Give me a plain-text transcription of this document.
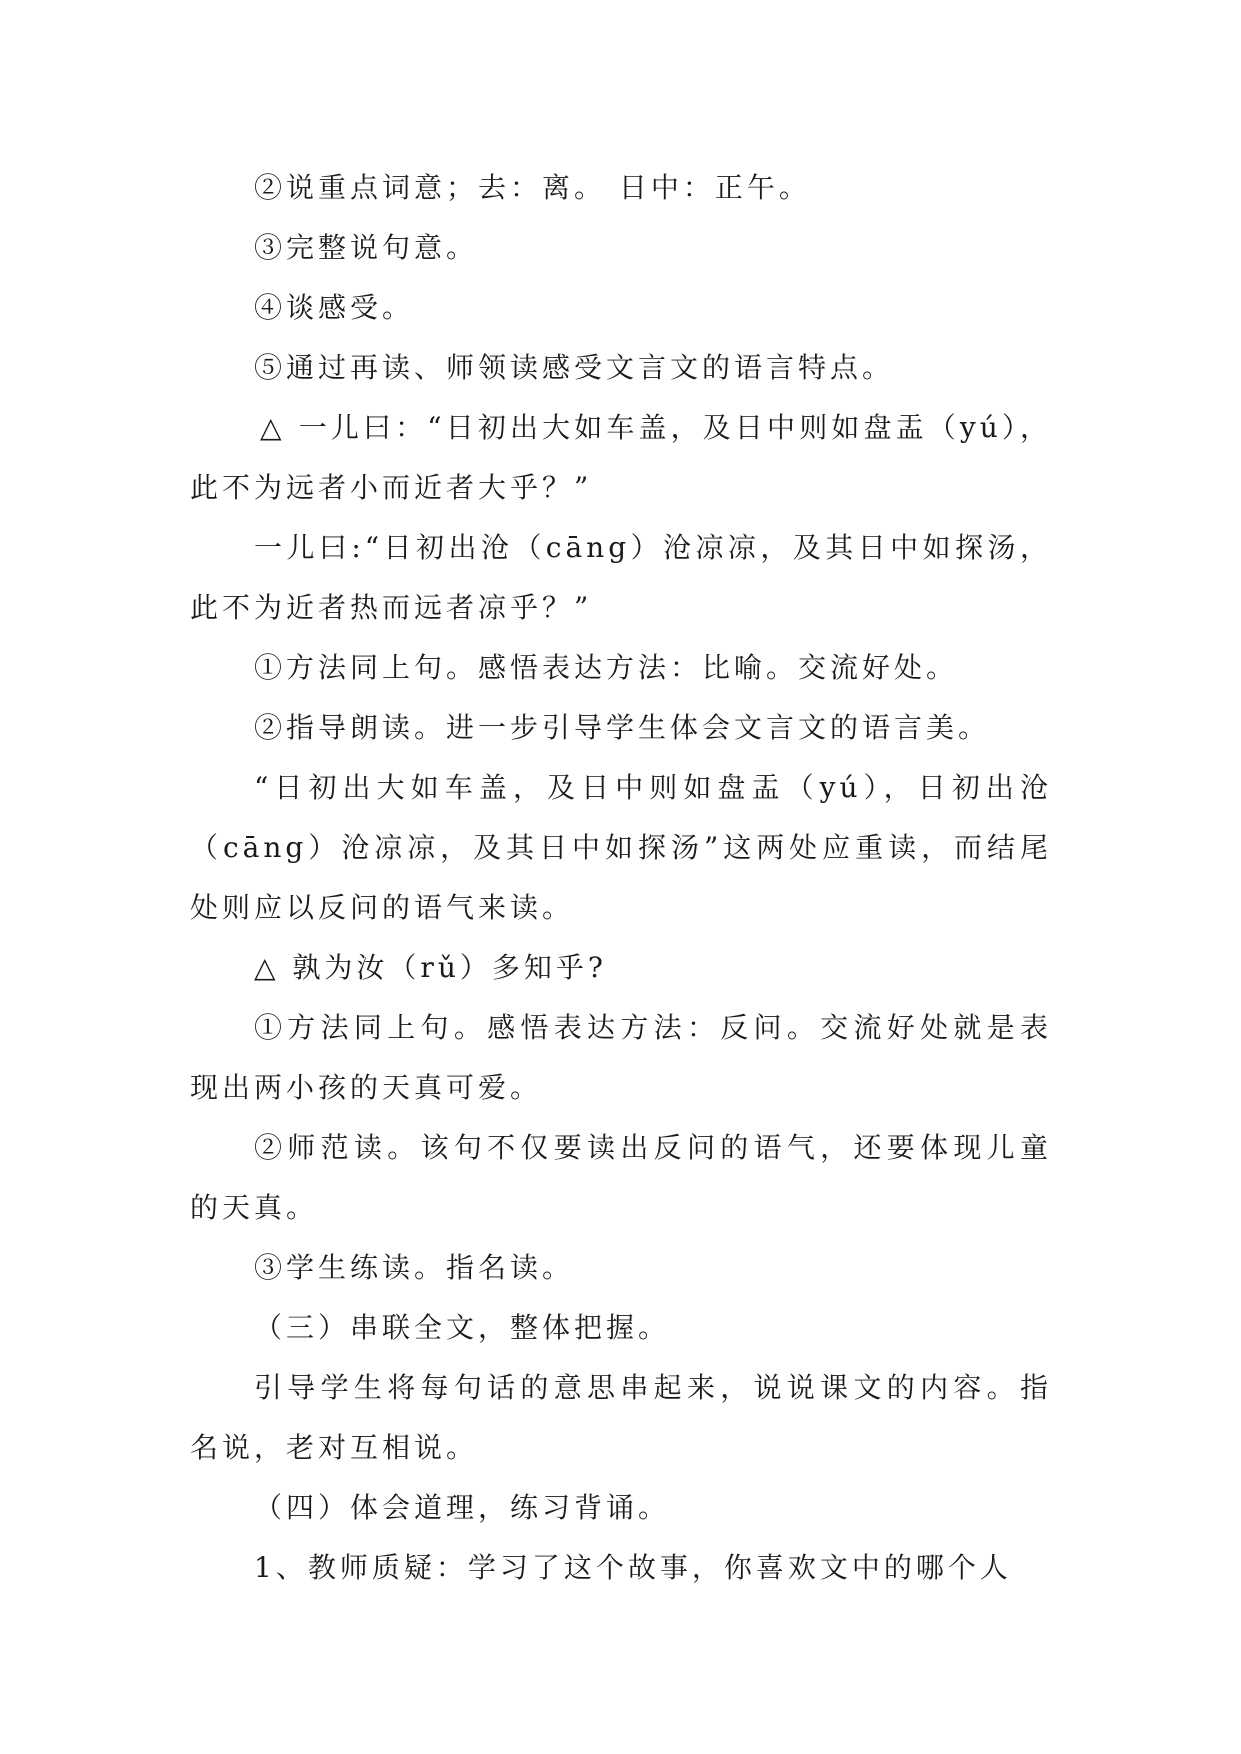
②说重点词意；去：离。 日中：正午。

③完整说句意。

④谈感受。

⑤通过再读、师领读感受文言文的语言特点。

△ 一儿曰：“日初出大如车盖，及日中则如盘盂（yú），此不为远者小而近者大乎？”

一儿曰:“日初出沧（cāng）沧凉凉，及其日中如探汤，此不为近者热而远者凉乎？”

①方法同上句。感悟表达方法：比喻。交流好处。

②指导朗读。进一步引导学生体会文言文的语言美。

“日初出大如车盖，及日中则如盘盂（yú），日初出沧（cāng）沧凉凉，及其日中如探汤”这两处应重读，而结尾处则应以反问的语气来读。

△ 孰为汝（rǔ）多知乎?

①方法同上句。感悟表达方法：反问。交流好处就是表现出两小孩的天真可爱。

②师范读。该句不仅要读出反问的语气，还要体现儿童的天真。

③学生练读。指名读。

（三）串联全文，整体把握。

引导学生将每句话的意思串起来，说说课文的内容。指名说，老对互相说。

（四）体会道理，练习背诵。

1、教师质疑：学习了这个故事，你喜欢文中的哪个人
